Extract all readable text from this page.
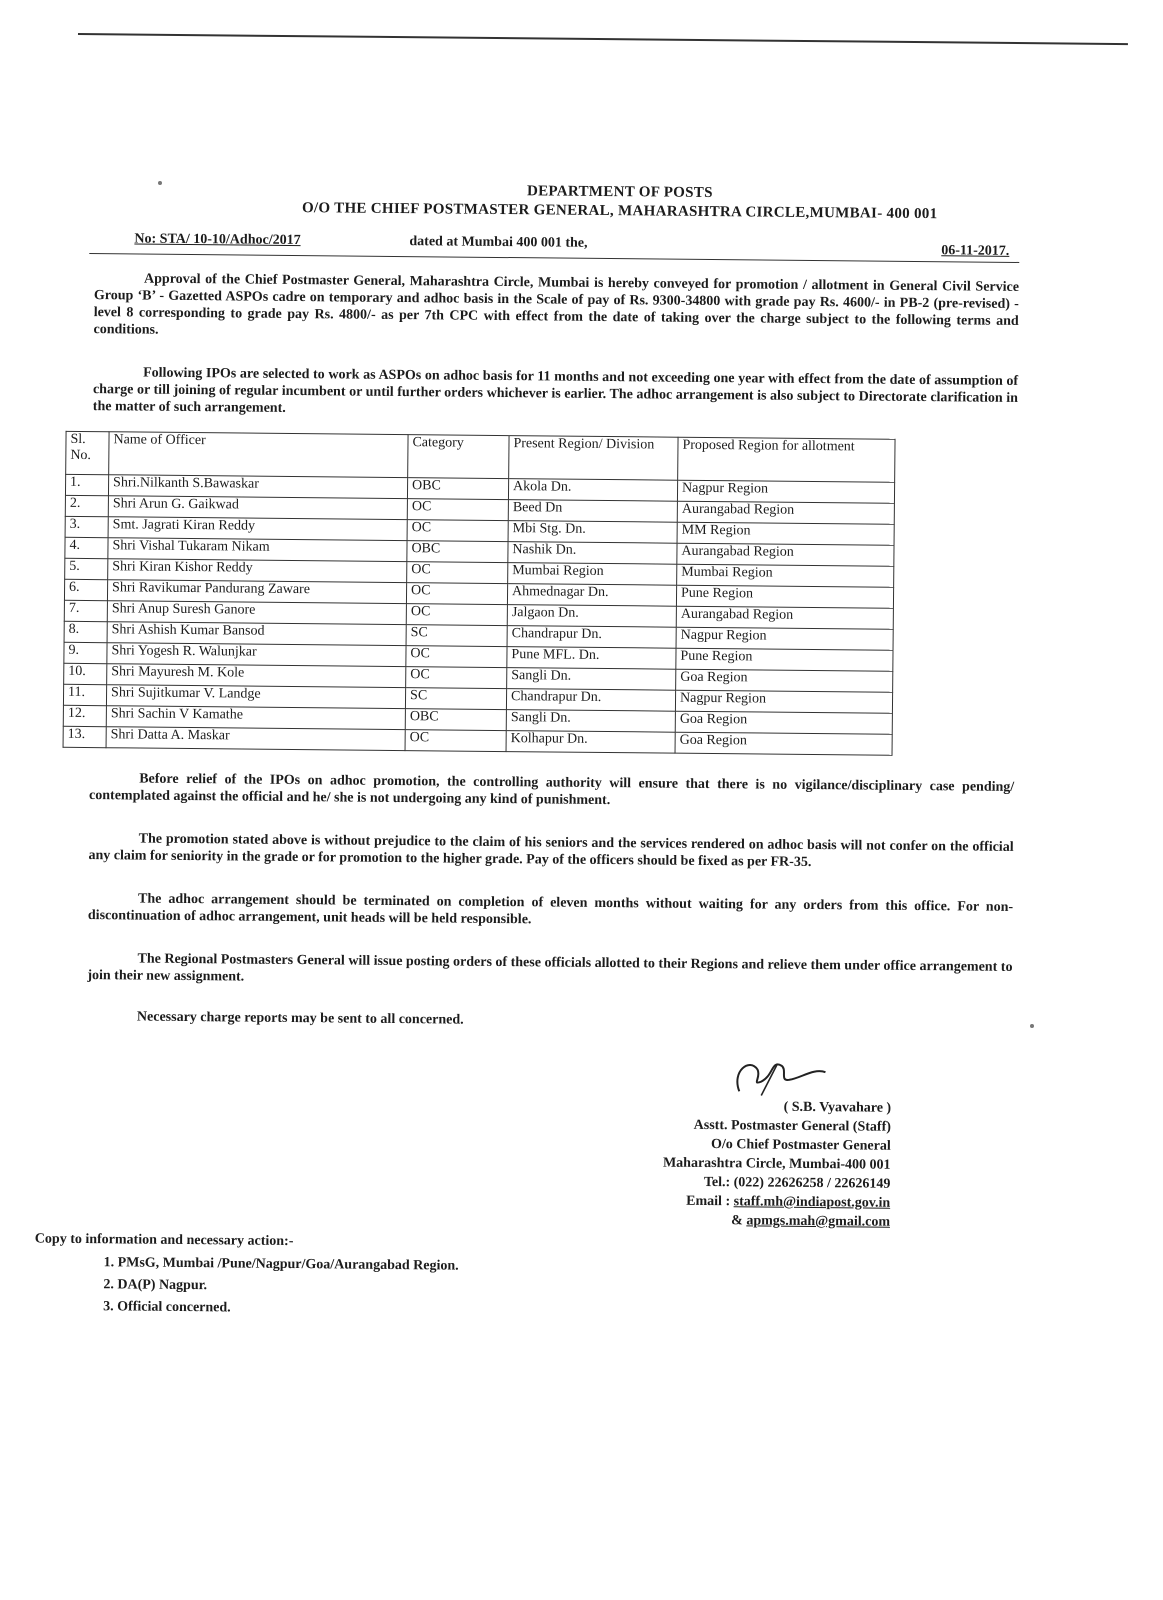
DEPARTMENT OF POSTS

O/O THE CHIEF POSTMASTER GENERAL, MAHARASHTRA CIRCLE,MUMBAI- 400 001

No: STA/ 10-10/Adhoc/2017	dated at Mumbai 400 001 the,
06-11-2017.

Approval of the Chief Postmaster General, Maharashtra Circle, Mumbai is hereby conveyed for promotion / allotment in General Civil Service Group ‘B’ - Gazetted ASPOs cadre on temporary and adhoc basis in the Scale of pay of Rs. 9300-34800 with grade pay Rs. 4600/- in PB-2 (pre-revised) - level 8 corresponding to grade pay Rs. 4800/- as per 7th CPC with effect from the date of taking over the charge subject to the following terms and conditions.

Following IPOs are selected to work as ASPOs on adhoc basis for 11 months and not exceeding one year with effect from the date of assumption of charge or till joining of regular incumbent or until further orders whichever is earlier. The adhoc arrangement is also subject to Directorate clarification in the matter of such arrangement.

Sl. No.	Name of Officer	Category	Present Region/ Division	Proposed Region for allotment
1.	Shri.Nilkanth S.Bawaskar	OBC	Akola Dn.	Nagpur Region
2.	Shri Arun G. Gaikwad	OC	Beed Dn	Aurangabad Region
3.	Smt. Jagrati Kiran Reddy	OC	Mbi Stg. Dn.	MM Region
4.	Shri Vishal Tukaram Nikam	OBC	Nashik Dn.	Aurangabad Region
5.	Shri Kiran Kishor Reddy	OC	Mumbai Region	Mumbai Region
6.	Shri Ravikumar Pandurang Zaware	OC	Ahmednagar Dn.	Pune Region
7.	Shri Anup Suresh Ganore	OC	Jalgaon Dn.	Aurangabad Region
8.	Shri Ashish Kumar Bansod	SC	Chandrapur Dn.	Nagpur Region
9.	Shri Yogesh R. Walunjkar	OC	Pune MFL. Dn.	Pune Region
10.	Shri Mayuresh M. Kole	OC	Sangli Dn.	Goa Region
11.	Shri Sujitkumar V. Landge	SC	Chandrapur Dn.	Nagpur Region
12.	Shri Sachin V Kamathe	OBC	Sangli Dn.	Goa Region
13.	Shri Datta A. Maskar	OC	Kolhapur Dn.	Goa Region

Before relief of the IPOs on adhoc promotion, the controlling authority will ensure that there is no vigilance/disciplinary case pending/ contemplated against the official and he/ she is not undergoing any kind of punishment.

The promotion stated above is without prejudice to the claim of his seniors and the services rendered on adhoc basis will not confer on the official any claim for seniority in the grade or for promotion to the higher grade. Pay of the officers should be fixed as per FR-35.

The adhoc arrangement should be terminated on completion of eleven months without waiting for any orders from this office. For non-discontinuation of adhoc arrangement, unit heads will be held responsible.

The Regional Postmasters General will issue posting orders of these officials allotted to their Regions and relieve them under office arrangement to join their new assignment.

Necessary charge reports may be sent to all concerned.

( S.B. Vyavahare )
Asstt. Postmaster General (Staff)
O/o Chief Postmaster General
Maharashtra Circle, Mumbai-400 001
Tel.: (022) 22626258 / 22626149
Email : staff.mh@indiapost.gov.in
& apmgs.mah@gmail.com
Copy to information and necessary action:-
1. PMsG, Mumbai /Pune/Nagpur/Goa/Aurangabad Region.
2. DA(P) Nagpur.
3. Official concerned.
